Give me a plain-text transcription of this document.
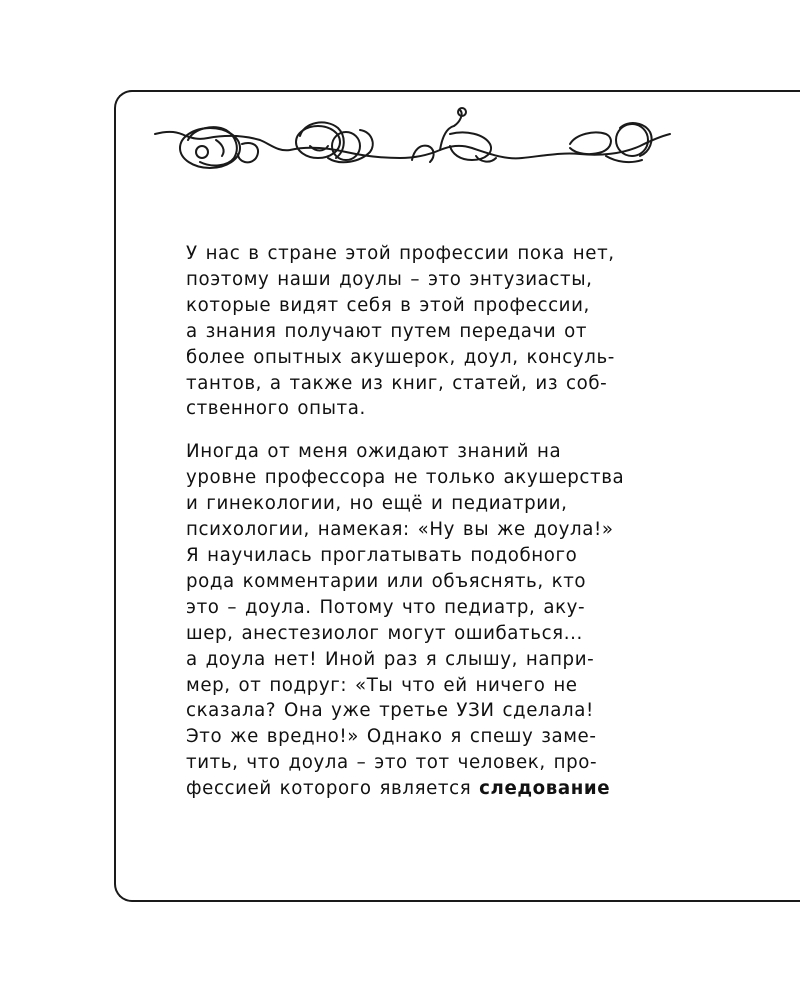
У нас в стране этой профессии пока нет,
поэтому наши доулы – это энтузиасты,
которые видят себя в этой профессии,
а знания получают путем передачи от
более опытных акушерок, доул, консуль-
тантов, а также из книг, статей, из соб-
ственного опыта.

Иногда от меня ожидают знаний на
уровне профессора не только акушерства
и гинекологии, но ещё и педиатрии,
психологии, намекая: «Ну вы же доула!»
Я научилась проглатывать подобного
рода комментарии или объяснять, кто
это – доула. Потому что педиатр, аку-
шер, анестезиолог могут ошибаться...
а доула нет! Иной раз я слышу, напри-
мер, от подруг: «Ты что ей ничего не
сказала? Она уже третье УЗИ сделала!
Это же вредно!» Однако я спешу заме-
тить, что доула – это тот человек, про-
фессией которого является следование
